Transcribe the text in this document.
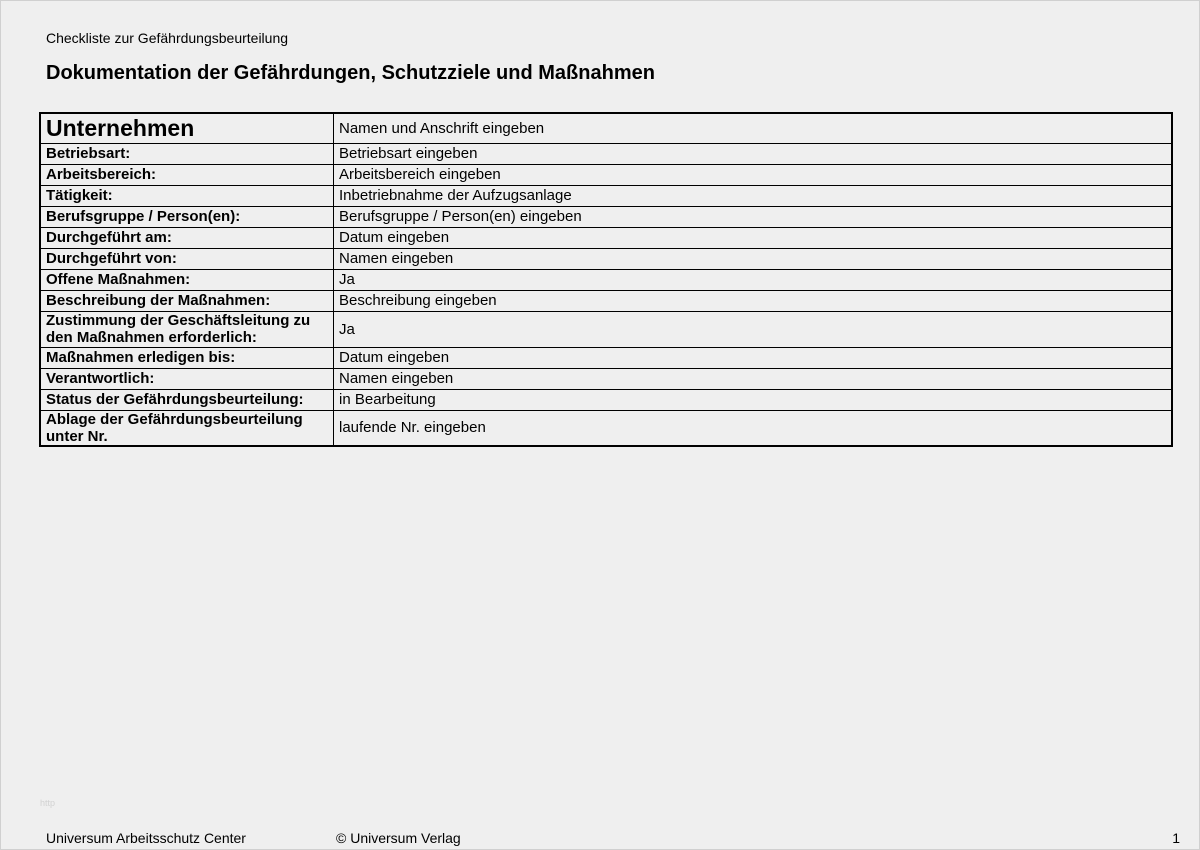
Checkliste zur Gefährdungsbeurteilung
Dokumentation der Gefährdungen, Schutzziele und Maßnahmen
Unternehmen	Namen und Anschrift eingeben
Betriebsart:	Betriebsart eingeben
Arbeitsbereich:	Arbeitsbereich eingeben
Tätigkeit:	Inbetriebnahme der Aufzugsanlage
Berufsgruppe / Person(en):	Berufsgruppe / Person(en) eingeben
Durchgeführt am:	Datum eingeben
Durchgeführt von:	Namen eingeben
Offene Maßnahmen:	Ja
Beschreibung der Maßnahmen:	Beschreibung eingeben
Zustimmung der Geschäftsleitung zu den Maßnahmen erforderlich:	Ja
Maßnahmen erledigen bis:	Datum eingeben
Verantwortlich:	Namen eingeben
Status der Gefährdungsbeurteilung:	in Bearbeitung
Ablage der Gefährdungsbeurteilung unter Nr.	laufende Nr. eingeben
http
Universum Arbeitsschutz Center	© Universum Verlag	1
